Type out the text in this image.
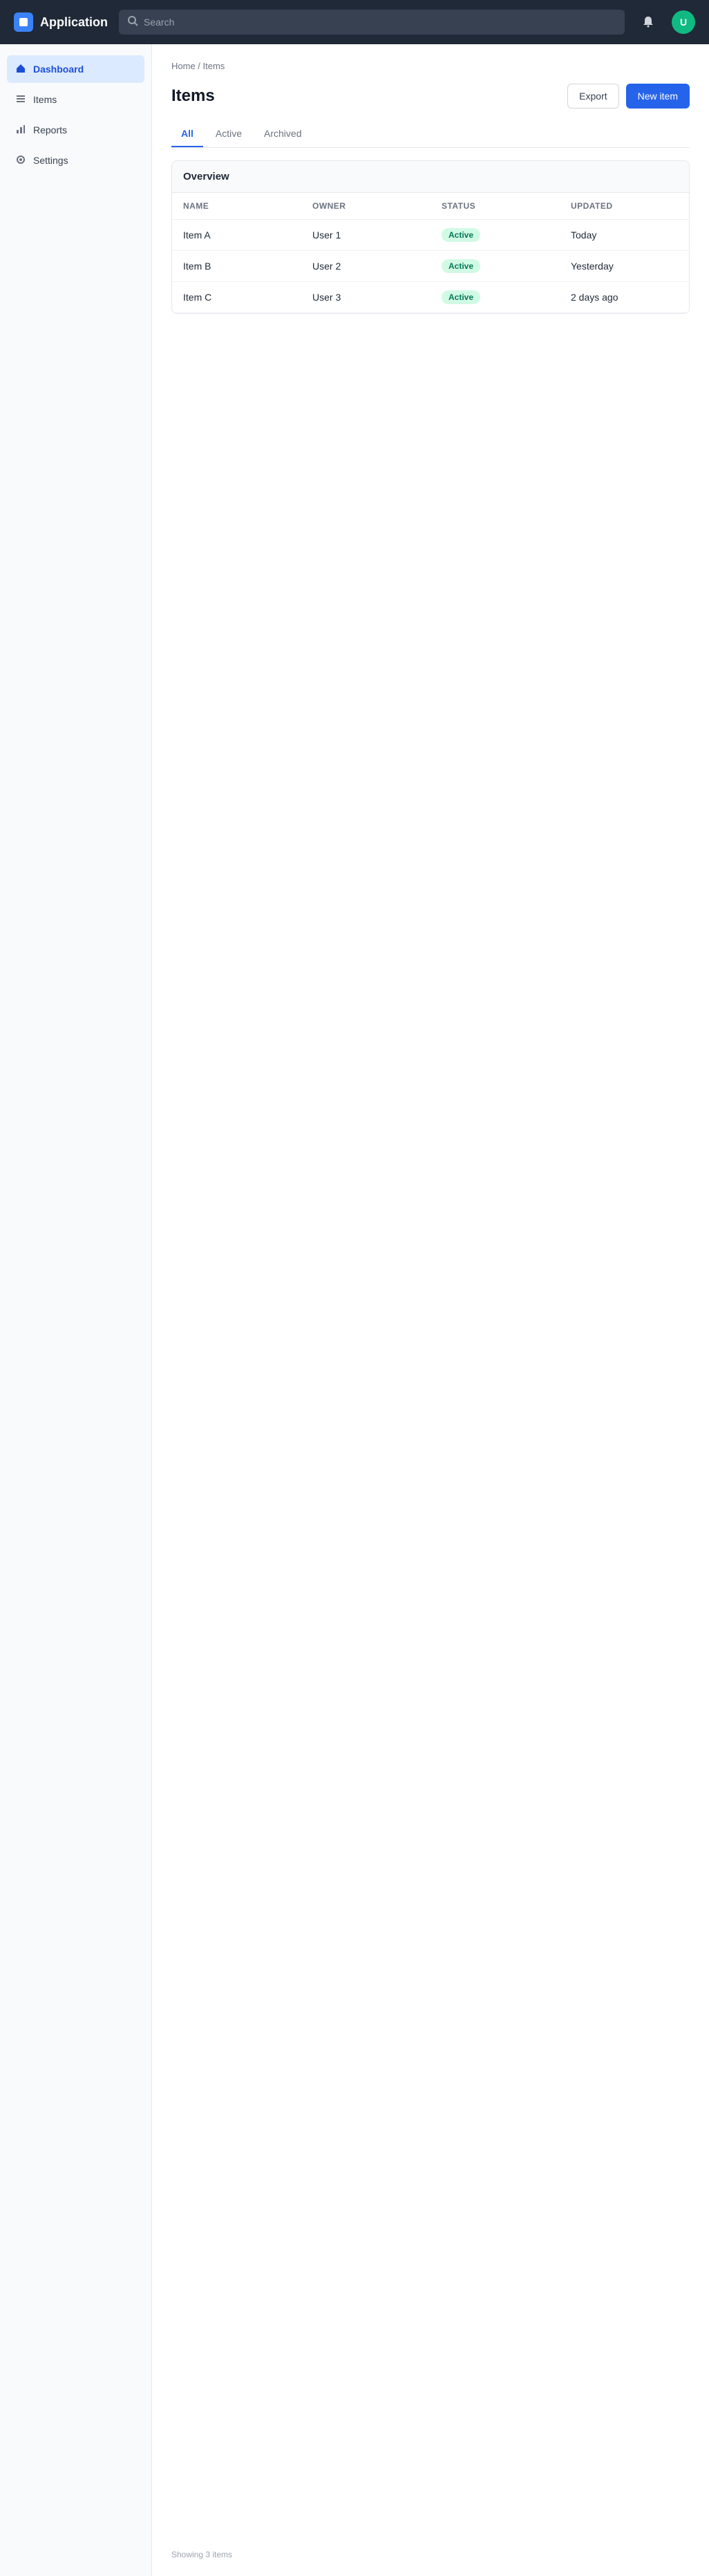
Application
Search	U
Dashboard
Items
Reports
Settings
Home / Items
Items	Export	New item
All	Active	Archived
Overview
NAME	OWNER	STATUS	UPDATED
Item A	User 1	Active	Today
Item B	User 2	Active	Yesterday
Item C	User 3	Active	2 days ago
Showing 3 items
